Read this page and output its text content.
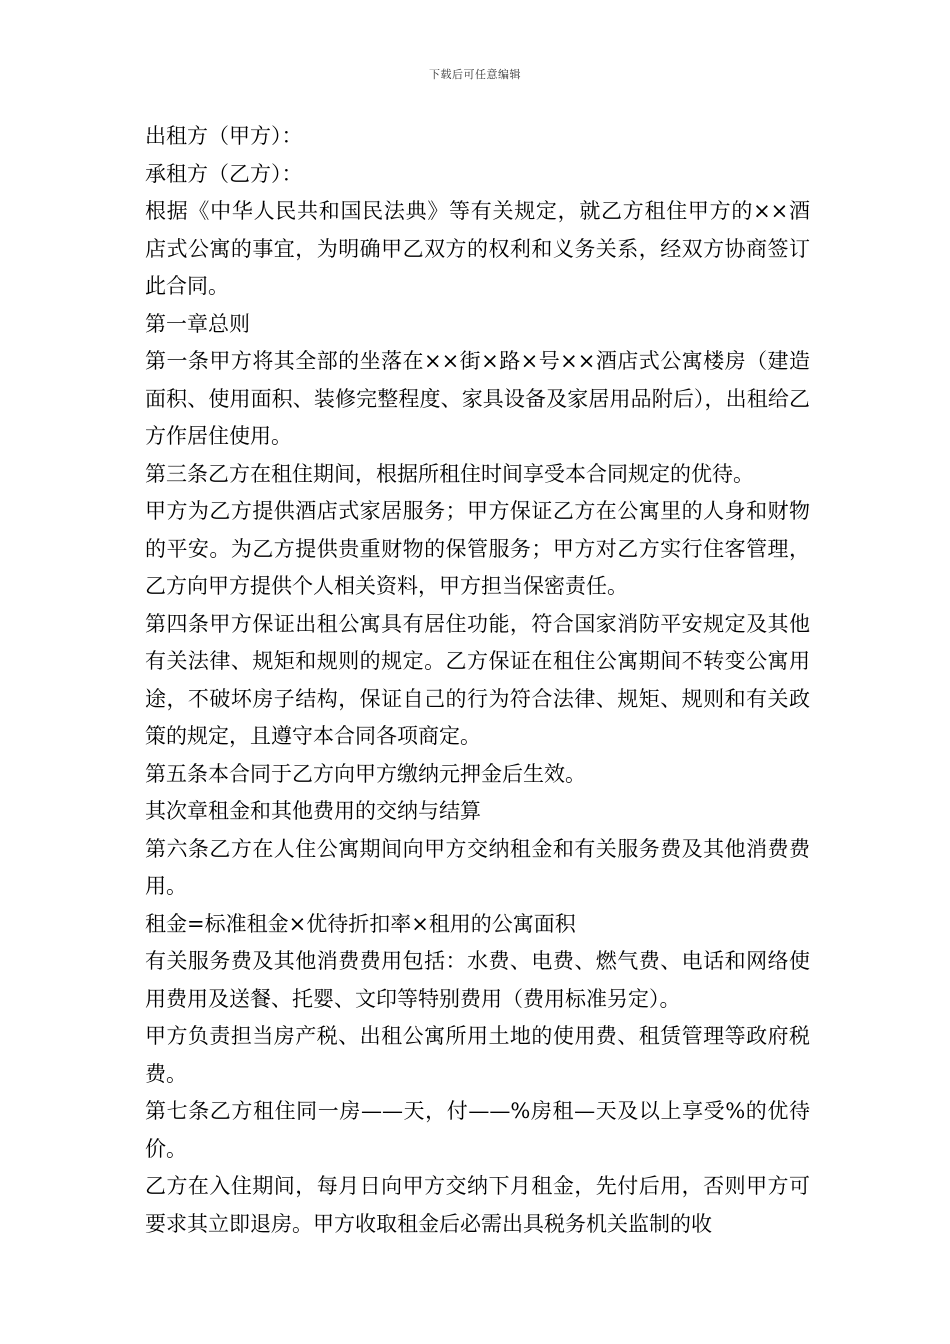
下载后可任意编辑

出租方（甲方）：

承租方（乙方）：

根据《中华人民共和国民法典》等有关规定，就乙方租住甲方的××酒店式公寓的事宜，为明确甲乙双方的权利和义务关系，经双方协商签订此合同。

第一章总则

第一条甲方将其全部的坐落在××街×路×号××酒店式公寓楼房（建造面积、使用面积、装修完整程度、家具设备及家居用品附后），出租给乙方作居住使用。

第三条乙方在租住期间，根据所租住时间享受本合同规定的优待。

甲方为乙方提供酒店式家居服务；甲方保证乙方在公寓里的人身和财物的平安。为乙方提供贵重财物的保管服务；甲方对乙方实行住客管理，乙方向甲方提供个人相关资料，甲方担当保密责任。

第四条甲方保证出租公寓具有居住功能，符合国家消防平安规定及其他有关法律、规矩和规则的规定。乙方保证在租住公寓期间不转变公寓用途，不破坏房子结构，保证自己的行为符合法律、规矩、规则和有关政策的规定，且遵守本合同各项商定。

第五条本合同于乙方向甲方缴纳元押金后生效。

其次章租金和其他费用的交纳与结算

第六条乙方在人住公寓期间向甲方交纳租金和有关服务费及其他消费费用。

租金=标准租金×优待折扣率×租用的公寓面积

有关服务费及其他消费费用包括：水费、电费、燃气费、电话和网络使用费用及送餐、托婴、文印等特别费用（费用标准另定）。

甲方负责担当房产税、出租公寓所用土地的使用费、租赁管理等政府税费。

第七条乙方租住同一房——天，付——%房租—天及以上享受%的优待价。

乙方在入住期间，每月日向甲方交纳下月租金，先付后用，否则甲方可要求其立即退房。甲方收取租金后必需出具税务机关监制的收
